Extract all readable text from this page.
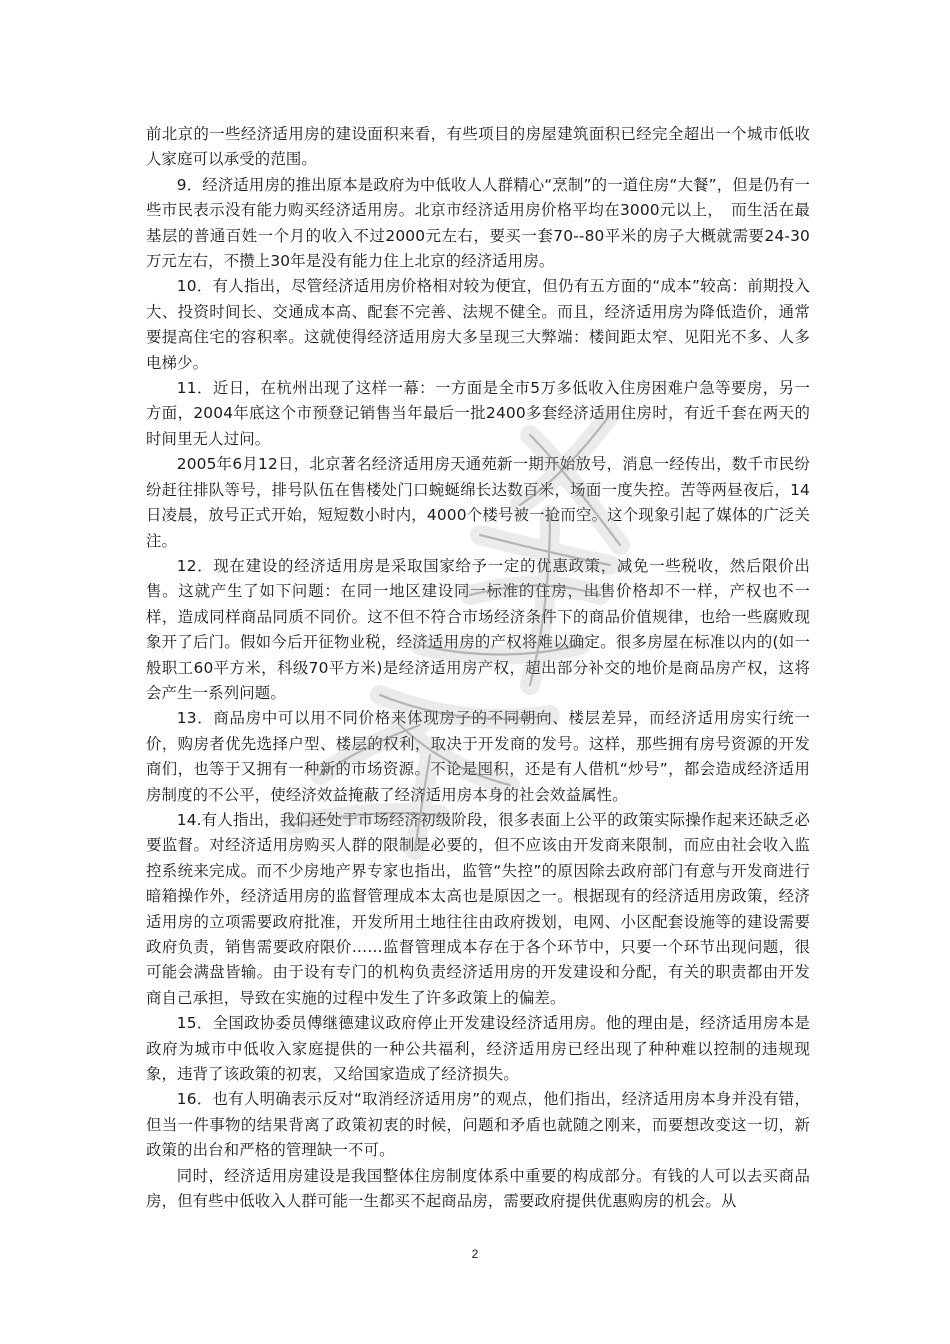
前北京的一些经济适用房的建设面积来看，有些项目的房屋建筑面积已经完全超出一个城市低收人家庭可以承受的范围。

9．经济适用房的推出原本是政府为中低收人人群精心“烹制”的一道住房“大餐”，但是仍有一些市民表示没有能力购买经济适用房。北京市经济适用房价格平均在3000元以上，　而生活在最基层的普通百姓一个月的收入不过2000元左右，要买一套70--80平米的房子大概就需要24-30万元左右，不攒上30年是没有能力住上北京的经济适用房。

10．有人指出，尽管经济适用房价格相对较为便宜，但仍有五方面的“成本”较高：前期投入大、投资时间长、交通成本高、配套不完善、法规不健全。而且，经济适用房为降低造价，通常要提高住宅的容积率。这就使得经济适用房大多呈现三大弊端：楼间距太窄、见阳光不多、人多电梯少。

11．近日，在杭州出现了这样一幕：一方面是全市5万多低收入住房困难户急等要房，另一方面，2004年底这个市预登记销售当年最后一批2400多套经济适用住房时，有近千套在两天的时间里无人过问。

2005年6月12日，北京著名经济适用房天通苑新一期开始放号，消息一经传出，数千市民纷纷赶往排队等号，排号队伍在售楼处门口蜿蜒绵长达数百米，场面一度失控。苦等两昼夜后，14日凌晨，放号正式开始，短短数小时内，4000个楼号被一抢而空。这个现象引起了媒体的广泛关注。

12．现在建设的经济适用房是采取国家给予一定的优惠政策，减免一些税收，然后限价出售。这就产生了如下问题：在同一地区建设同一标准的住房，出售价格却不一样，产权也不一样，造成同样商品同质不同价。这不但不符合市场经济条件下的商品价值规律，也给一些腐败现象开了后门。假如今后开征物业税，经济适用房的产权将难以确定。很多房屋在标准以内的(如一般职工60平方米，科级70平方米)是经济适用房产权，超出部分补交的地价是商品房产权，这将会产生一系列问题。

13．商品房中可以用不同价格来体现房子的不同朝向、楼层差异，而经济适用房实行统一价，购房者优先选择户型、楼层的权利，取决于开发商的发号。这样，那些拥有房号资源的开发商们，也等于又拥有一种新的市场资源。不论是囤积，还是有人借机“炒号”，都会造成经济适用房制度的不公平，使经济效益掩蔽了经济适用房本身的社会效益属性。

14.有人指出，我们还处于市场经济初级阶段，很多表面上公平的政策实际操作起来还缺乏必要监督。对经济适用房购买人群的限制是必要的，但不应该由开发商来限制，而应由社会收入监控系统来完成。而不少房地产界专家也指出，监管“失控”的原因除去政府部门有意与开发商进行暗箱操作外，经济适用房的监督管理成本太高也是原因之一。根据现有的经济适用房政策，经济适用房的立项需要政府批准，开发所用土地往往由政府拨划，电网、小区配套设施等的建设需要政府负责，销售需要政府限价……监督管理成本存在于各个环节中，只要一个环节出现问题，很可能会满盘皆输。由于设有专门的机构负责经济适用房的开发建设和分配，有关的职责都由开发商自己承担，导致在实施的过程中发生了许多政策上的偏差。

15．全国政协委员傅继德建议政府停止开发建设经济适用房。他的理由是，经济适用房本是政府为城市中低收入家庭提供的一种公共福利，经济适用房已经出现了种种难以控制的违规现象，违背了该政策的初衷，又给国家造成了经济损失。

16．也有人明确表示反对“取消经济适用房”的观点，他们指出，经济适用房本身并没有错，但当一件事物的结果背离了政策初衷的时候，问题和矛盾也就随之刚来，而要想改变这一切，新政策的出台和严格的管理缺一不可。

同时，经济适用房建设是我国整体住房制度体系中重要的构成部分。有钱的人可以去买商品房，但有些中低收入人群可能一生都买不起商品房，需要政府提供优惠购房的机会。从

2
